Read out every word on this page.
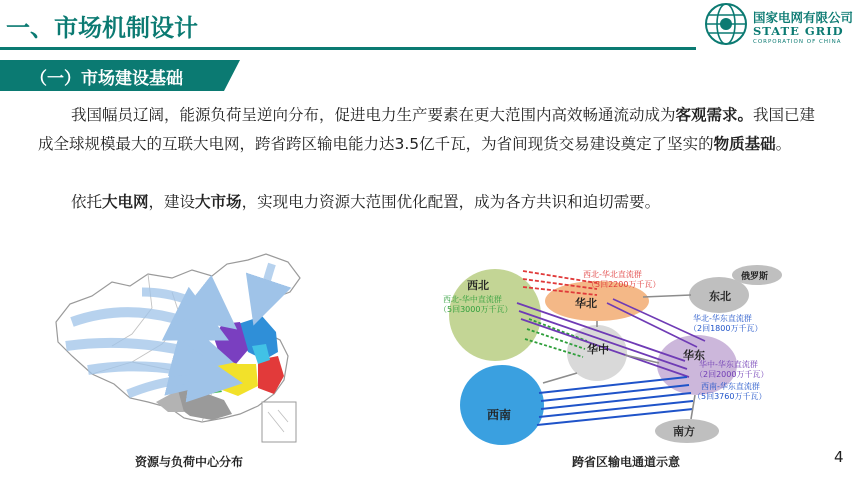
一、市场机制设计	国家电网有限公司
STATE GRID
CORPORATION OF CHINA
（一）市场建设基础
我国幅员辽阔，能源负荷呈逆向分布，促进电力生产要素在更大范围内高效畅通流动成为客观需求。我国已建成全球规模最大的互联大电网，跨省跨区输电能力达3.5亿千瓦，为省间现货交易建设奠定了坚实的物质基础。
依托大电网，建设大市场，实现电力资源大范围优化配置，成为各方共识和迫切需要。
西北
华北
东北
俄罗斯
华中	华东
西南
南方
西北-华北直流群
（3回2200万千瓦）
西北-华中直流群
（5回3000万千瓦）
华北-华东直流群
（2回1800万千瓦）
华中-华东直流群
（2回2000万千瓦）
西南-华东直流群
（5回3760万千瓦）
资源与负荷中心分布	跨省区输电通道示意	4
